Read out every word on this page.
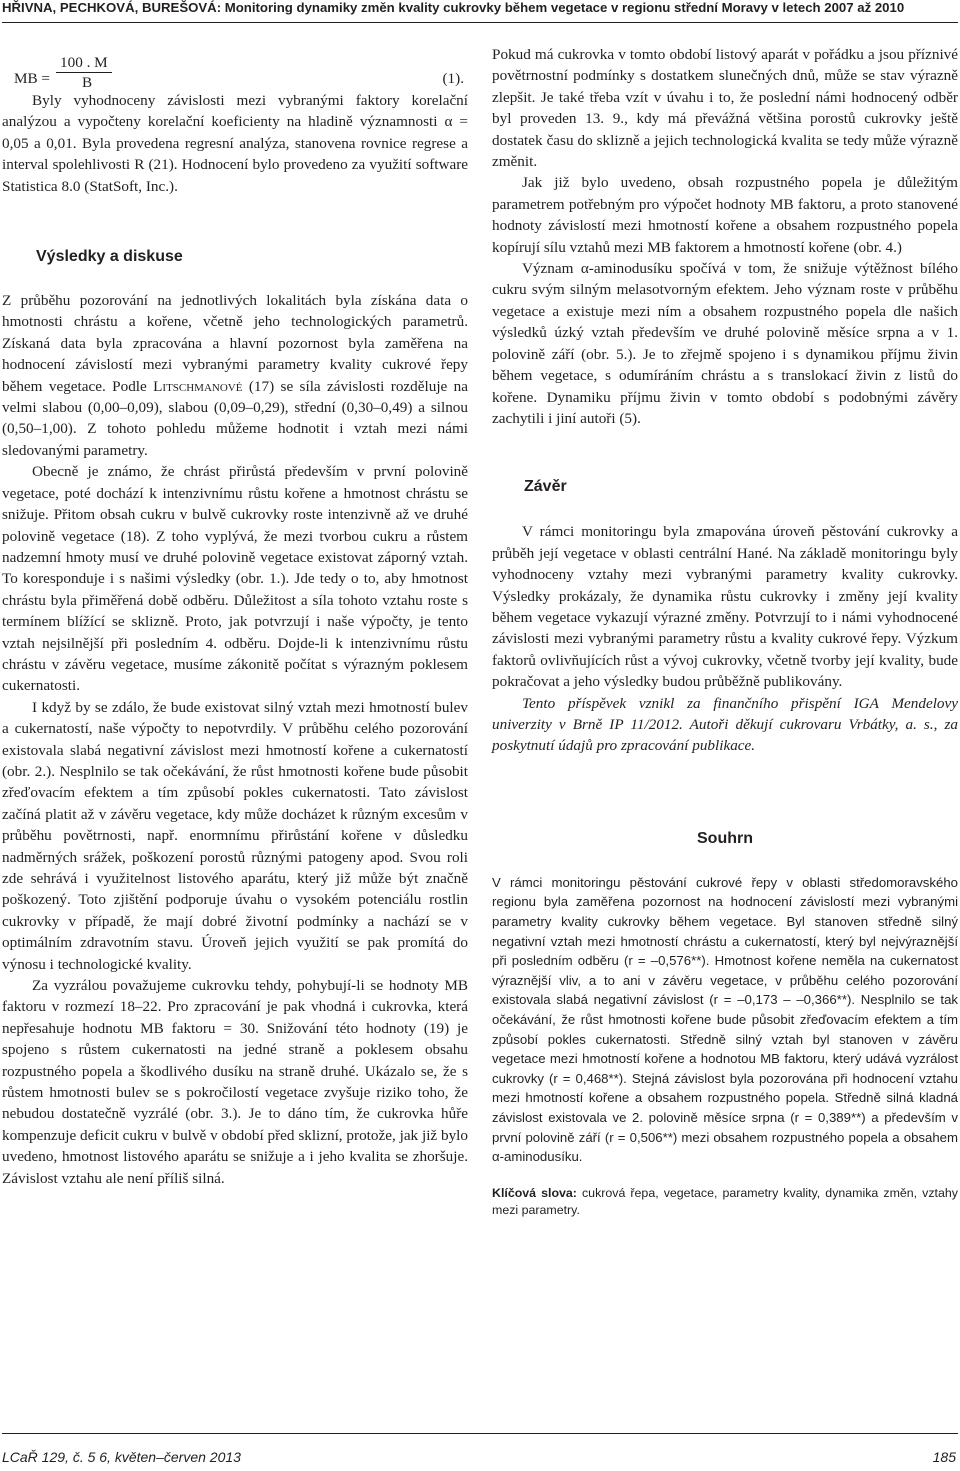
HŘIVNA, PECHKOVÁ, BUREŠOVÁ: Monitoring dynamiky změn kvality cukrovky během vegetace v regionu střední Moravy v letech 2007 až 2010
MB =
100 . M
B	(1).

Byly vyhodnoceny závislosti mezi vybranými faktory korelační analýzou a vypočteny korelační koeficienty na hladině významnosti α = 0,05 a 0,01. Byla provedena regresní analýza, stanovena rovnice regrese a interval spolehlivosti R (21). Hodnocení bylo provedeno za využití software Statistica 8.0 (StatSoft, Inc.).

Výsledky a diskuse

Z průběhu pozorování na jednotlivých lokalitách byla získána data o hmotnosti chrástu a kořene, včetně jeho technologických parametrů. Získaná data byla zpracována a hlavní pozornost byla zaměřena na hodnocení závislostí mezi vybranými parametry kvality cukrové řepy během vegetace. Podle Litschmanové (17) se síla závislosti rozděluje na velmi slabou (0,00–0,09), slabou (0,09–0,29), střední (0,30–0,49) a silnou (0,50–1,00). Z tohoto pohledu můžeme hodnotit i vztah mezi námi sledovanými parametry.

Obecně je známo, že chrást přirůstá především v první polovině vegetace, poté dochází k intenzivnímu růstu kořene a hmotnost chrástu se snižuje. Přitom obsah cukru v bulvě cukrovky roste intenzivně až ve druhé polovině vegetace (18). Z toho vyplývá, že mezi tvorbou cukru a růstem nadzemní hmoty musí ve druhé polovině vegetace existovat záporný vztah. To koresponduje i s našimi výsledky (obr. 1.). Jde tedy o to, aby hmotnost chrástu byla přiměřená době odběru. Důležitost a síla tohoto vztahu roste s termínem blížící se sklizně. Proto, jak potvrzují i naše výpočty, je tento vztah nejsilnější při posledním 4. odběru. Dojde-li k intenzivnímu růstu chrástu v závěru vegetace, musíme zákonitě počítat s výrazným poklesem cukernatosti.

I když by se zdálo, že bude existovat silný vztah mezi hmotností bulev a cukernatostí, naše výpočty to nepotvrdily. V průběhu celého pozorování existovala slabá negativní závislost mezi hmotností kořene a cukernatostí (obr. 2.). Nesplnilo se tak očekávání, že růst hmotnosti kořene bude působit zřeďovacím efektem a tím způsobí pokles cukernatosti. Tato závislost začíná platit až v závěru vegetace, kdy může docházet k různým excesům v průběhu povětrnosti, např. enormnímu přirůstání kořene v důsledku nadměrných srážek, poškození porostů různými patogeny apod. Svou roli zde sehrává i využitelnost listového aparátu, který již může být značně poškozený. Toto zjištění podporuje úvahu o vysokém potenciálu rostlin cukrovky v případě, že mají dobré životní podmínky a nachází se v optimálním zdravotním stavu. Úroveň jejich využití se pak promítá do výnosu i technologické kvality.

Za vyzrálou považujeme cukrovku tehdy, pohybují-li se hodnoty MB faktoru v rozmezí 18–22. Pro zpracování je pak vhodná i cukrovka, která nepřesahuje hodnotu MB faktoru = 30. Snižování této hodnoty (19) je spojeno s růstem cukernatosti na jedné straně a poklesem obsahu rozpustného popela a škodlivého dusíku na straně druhé. Ukázalo se, že s růstem hmotnosti bulev se s pokročilostí vegetace zvyšuje riziko toho, že nebudou dostatečně vyzrálé (obr. 3.). Je to dáno tím, že cukrovka hůře kompenzuje deficit cukru v bulvě v období před sklizní, protože, jak již bylo uvedeno, hmotnost listového aparátu se snižuje a i jeho kvalita se zhoršuje. Závislost vztahu ale není příliš silná.

Pokud má cukrovka v tomto období listový aparát v pořádku a jsou příznivé povětrnostní podmínky s dostatkem slunečných dnů, může se stav výrazně zlepšit. Je také třeba vzít v úvahu i to, že poslední námi hodnocený odběr byl proveden 13. 9., kdy má převážná většina porostů cukrovky ještě dostatek času do sklizně a jejich technologická kvalita se tedy může výrazně změnit.

Jak již bylo uvedeno, obsah rozpustného popela je důležitým parametrem potřebným pro výpočet hodnoty MB faktoru, a proto stanovené hodnoty závislostí mezi hmotností kořene a obsahem rozpustného popela kopírují sílu vztahů mezi MB faktorem a hmotností kořene (obr. 4.)

Význam α-aminodusíku spočívá v tom, že snižuje výtěžnost bílého cukru svým silným melasotvorným efektem. Jeho význam roste v průběhu vegetace a existuje mezi ním a obsahem rozpustného popela dle našich výsledků úzký vztah především ve druhé polovině měsíce srpna a v 1. polovině září (obr. 5.). Je to zřejmě spojeno i s dynamikou příjmu živin během vegetace, s odumíráním chrástu a s translokací živin z listů do kořene. Dynamiku příjmu živin v tomto období s podobnými závěry zachytili i jiní autoři (5).

Závěr

V rámci monitoringu byla zmapována úroveň pěstování cukrovky a průběh její vegetace v oblasti centrální Hané. Na základě monitoringu byly vyhodnoceny vztahy mezi vybranými parametry kvality cukrovky. Výsledky prokázaly, že dynamika růstu cukrovky i změny její kvality během vegetace vykazují výrazné změny. Potvrzují to i námi vyhodnocené závislosti mezi vybranými parametry růstu a kvality cukrové řepy. Výzkum faktorů ovlivňujících růst a vývoj cukrovky, včetně tvorby její kvality, bude pokračovat a jeho výsledky budou průběžně publikovány.

Tento příspěvek vznikl za finančního přispění IGA Mendelovy univerzity v Brně IP 11/2012. Autoři děkují cukrovaru Vrbátky, a. s., za poskytnutí údajů pro zpracování publikace.

Souhrn
V rámci monitoringu pěstování cukrové řepy v oblasti středomoravského regionu byla zaměřena pozornost na hodnocení závislostí mezi vybranými parametry kvality cukrovky během vegetace. Byl stanoven středně silný negativní vztah mezi hmotností chrástu a cukernatostí, který byl nejvýraznější při posledním odběru (r = –0,576**). Hmotnost kořene neměla na cukernatost výraznější vliv, a to ani v závěru vegetace, v průběhu celého pozorování existovala slabá negativní závislost (r = –0,173 – –0,366**). Nesplnilo se tak očekávání, že růst hmotnosti kořene bude působit zřeďovacím efektem a tím způsobí pokles cukernatosti. Středně silný vztah byl stanoven v závěru vegetace mezi hmotností kořene a hodnotou MB faktoru, který udává vyzrálost cukrovky (r = 0,468**). Stejná závislost byla pozorována při hodnocení vztahu mezi hmotností kořene a obsahem rozpustného popela. Středně silná kladná závislost existovala ve 2. polovině měsíce srpna (r = 0,389**) a především v první polovině září (r = 0,506**) mezi obsahem rozpustného popela a obsahem α-aminodusíku.
Klíčová slova: cukrová řepa, vegetace, parametry kvality, dynamika změn, vztahy mezi parametry.
LCaŘ 129, č. 5 6, květen–červen 2013	185
